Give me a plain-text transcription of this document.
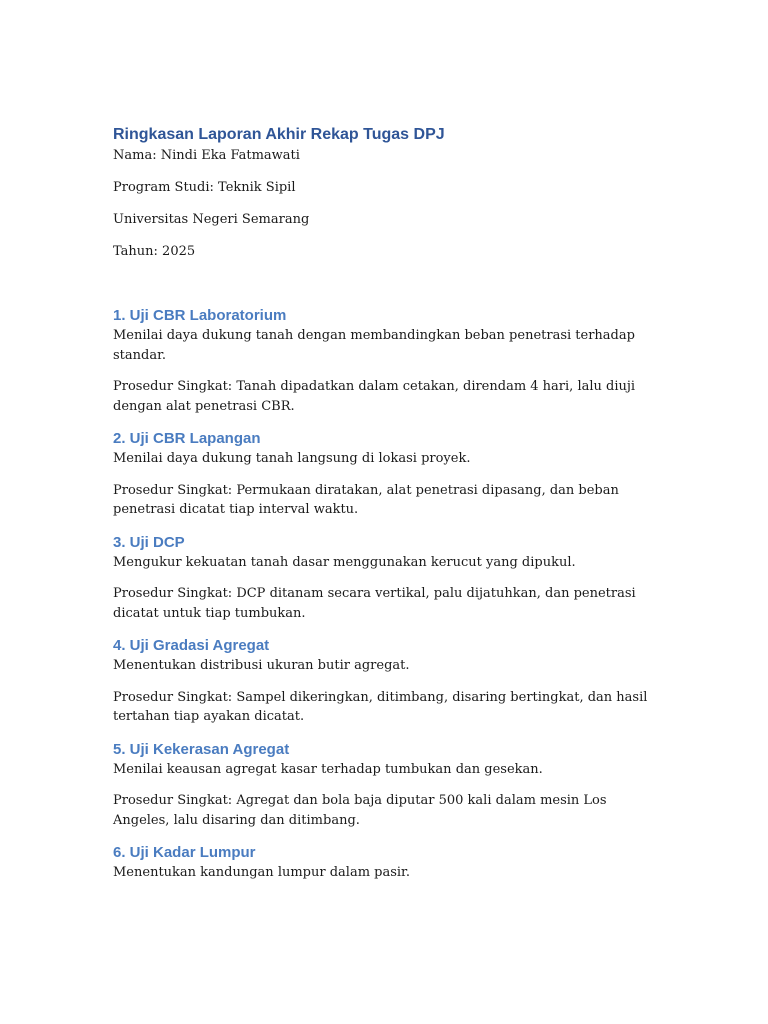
Ringkasan Laporan Akhir Rekap Tugas DPJ

Nama: Nindi Eka Fatmawati

Program Studi: Teknik Sipil

Universitas Negeri Semarang

Tahun: 2025

1. Uji CBR Laboratorium

Menilai daya dukung tanah dengan membandingkan beban penetrasi terhadap standar.

Prosedur Singkat: Tanah dipadatkan dalam cetakan, direndam 4 hari, lalu diuji dengan alat penetrasi CBR.

2. Uji CBR Lapangan

Menilai daya dukung tanah langsung di lokasi proyek.

Prosedur Singkat: Permukaan diratakan, alat penetrasi dipasang, dan beban penetrasi dicatat tiap interval waktu.

3. Uji DCP

Mengukur kekuatan tanah dasar menggunakan kerucut yang dipukul.

Prosedur Singkat: DCP ditanam secara vertikal, palu dijatuhkan, dan penetrasi dicatat untuk tiap tumbukan.

4. Uji Gradasi Agregat

Menentukan distribusi ukuran butir agregat.

Prosedur Singkat: Sampel dikeringkan, ditimbang, disaring bertingkat, dan hasil tertahan tiap ayakan dicatat.

5. Uji Kekerasan Agregat

Menilai keausan agregat kasar terhadap tumbukan dan gesekan.

Prosedur Singkat: Agregat dan bola baja diputar 500 kali dalam mesin Los Angeles, lalu disaring dan ditimbang.

6. Uji Kadar Lumpur

Menentukan kandungan lumpur dalam pasir.
